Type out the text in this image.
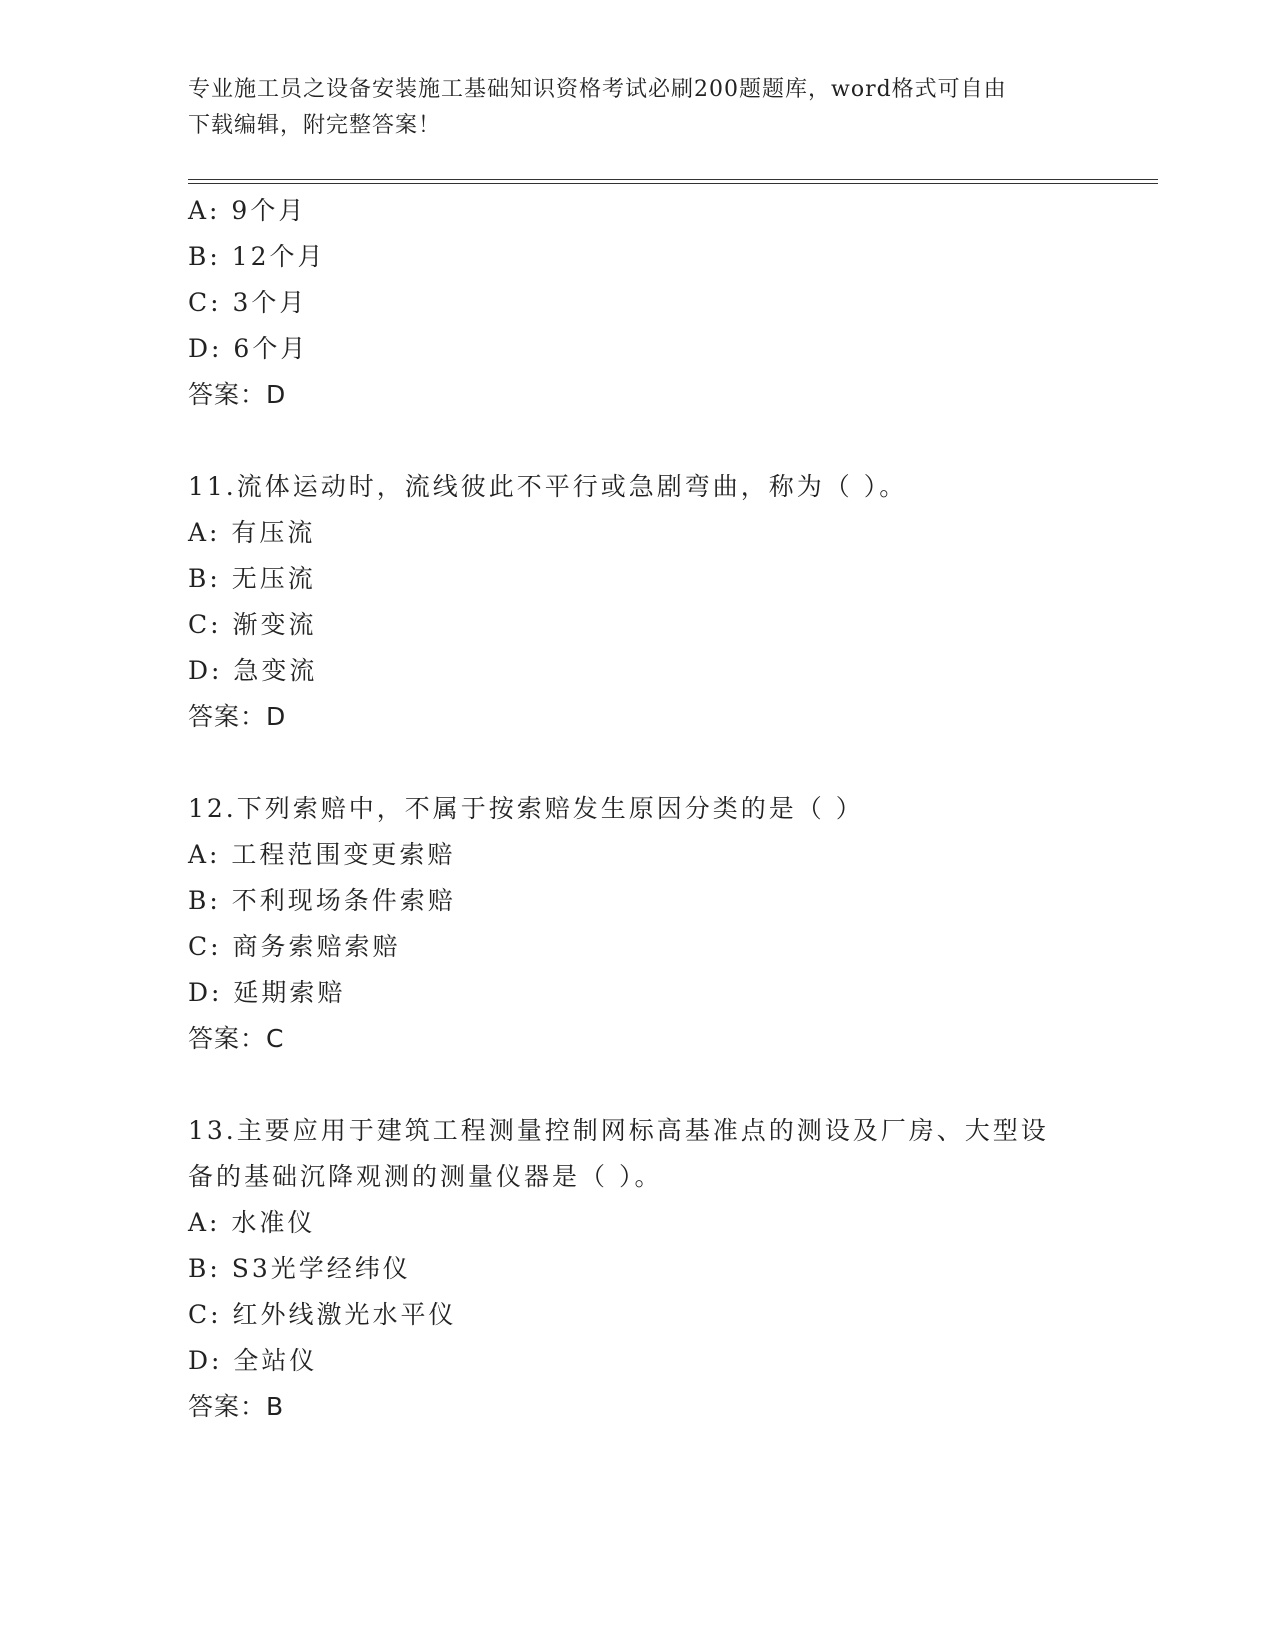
专业施工员之设备安装施工基础知识资格考试必刷200题题库，word格式可自由
下载编辑，附完整答案！
A: 9个月
B: 12个月
C: 3个月
D: 6个月
答案：D
11.流体运动时，流线彼此不平行或急剧弯曲，称为（ ）。
A: 有压流
B: 无压流
C: 渐变流
D: 急变流
答案：D
12.下列索赔中，不属于按索赔发生原因分类的是（ ）
A: 工程范围变更索赔
B: 不利现场条件索赔
C: 商务索赔索赔
D: 延期索赔
答案：C
13.主要应用于建筑工程测量控制网标高基准点的测设及厂房、大型设
备的基础沉降观测的测量仪器是（ ）。
A: 水准仪
B: S3光学经纬仪
C: 红外线激光水平仪
D: 全站仪
答案：B
